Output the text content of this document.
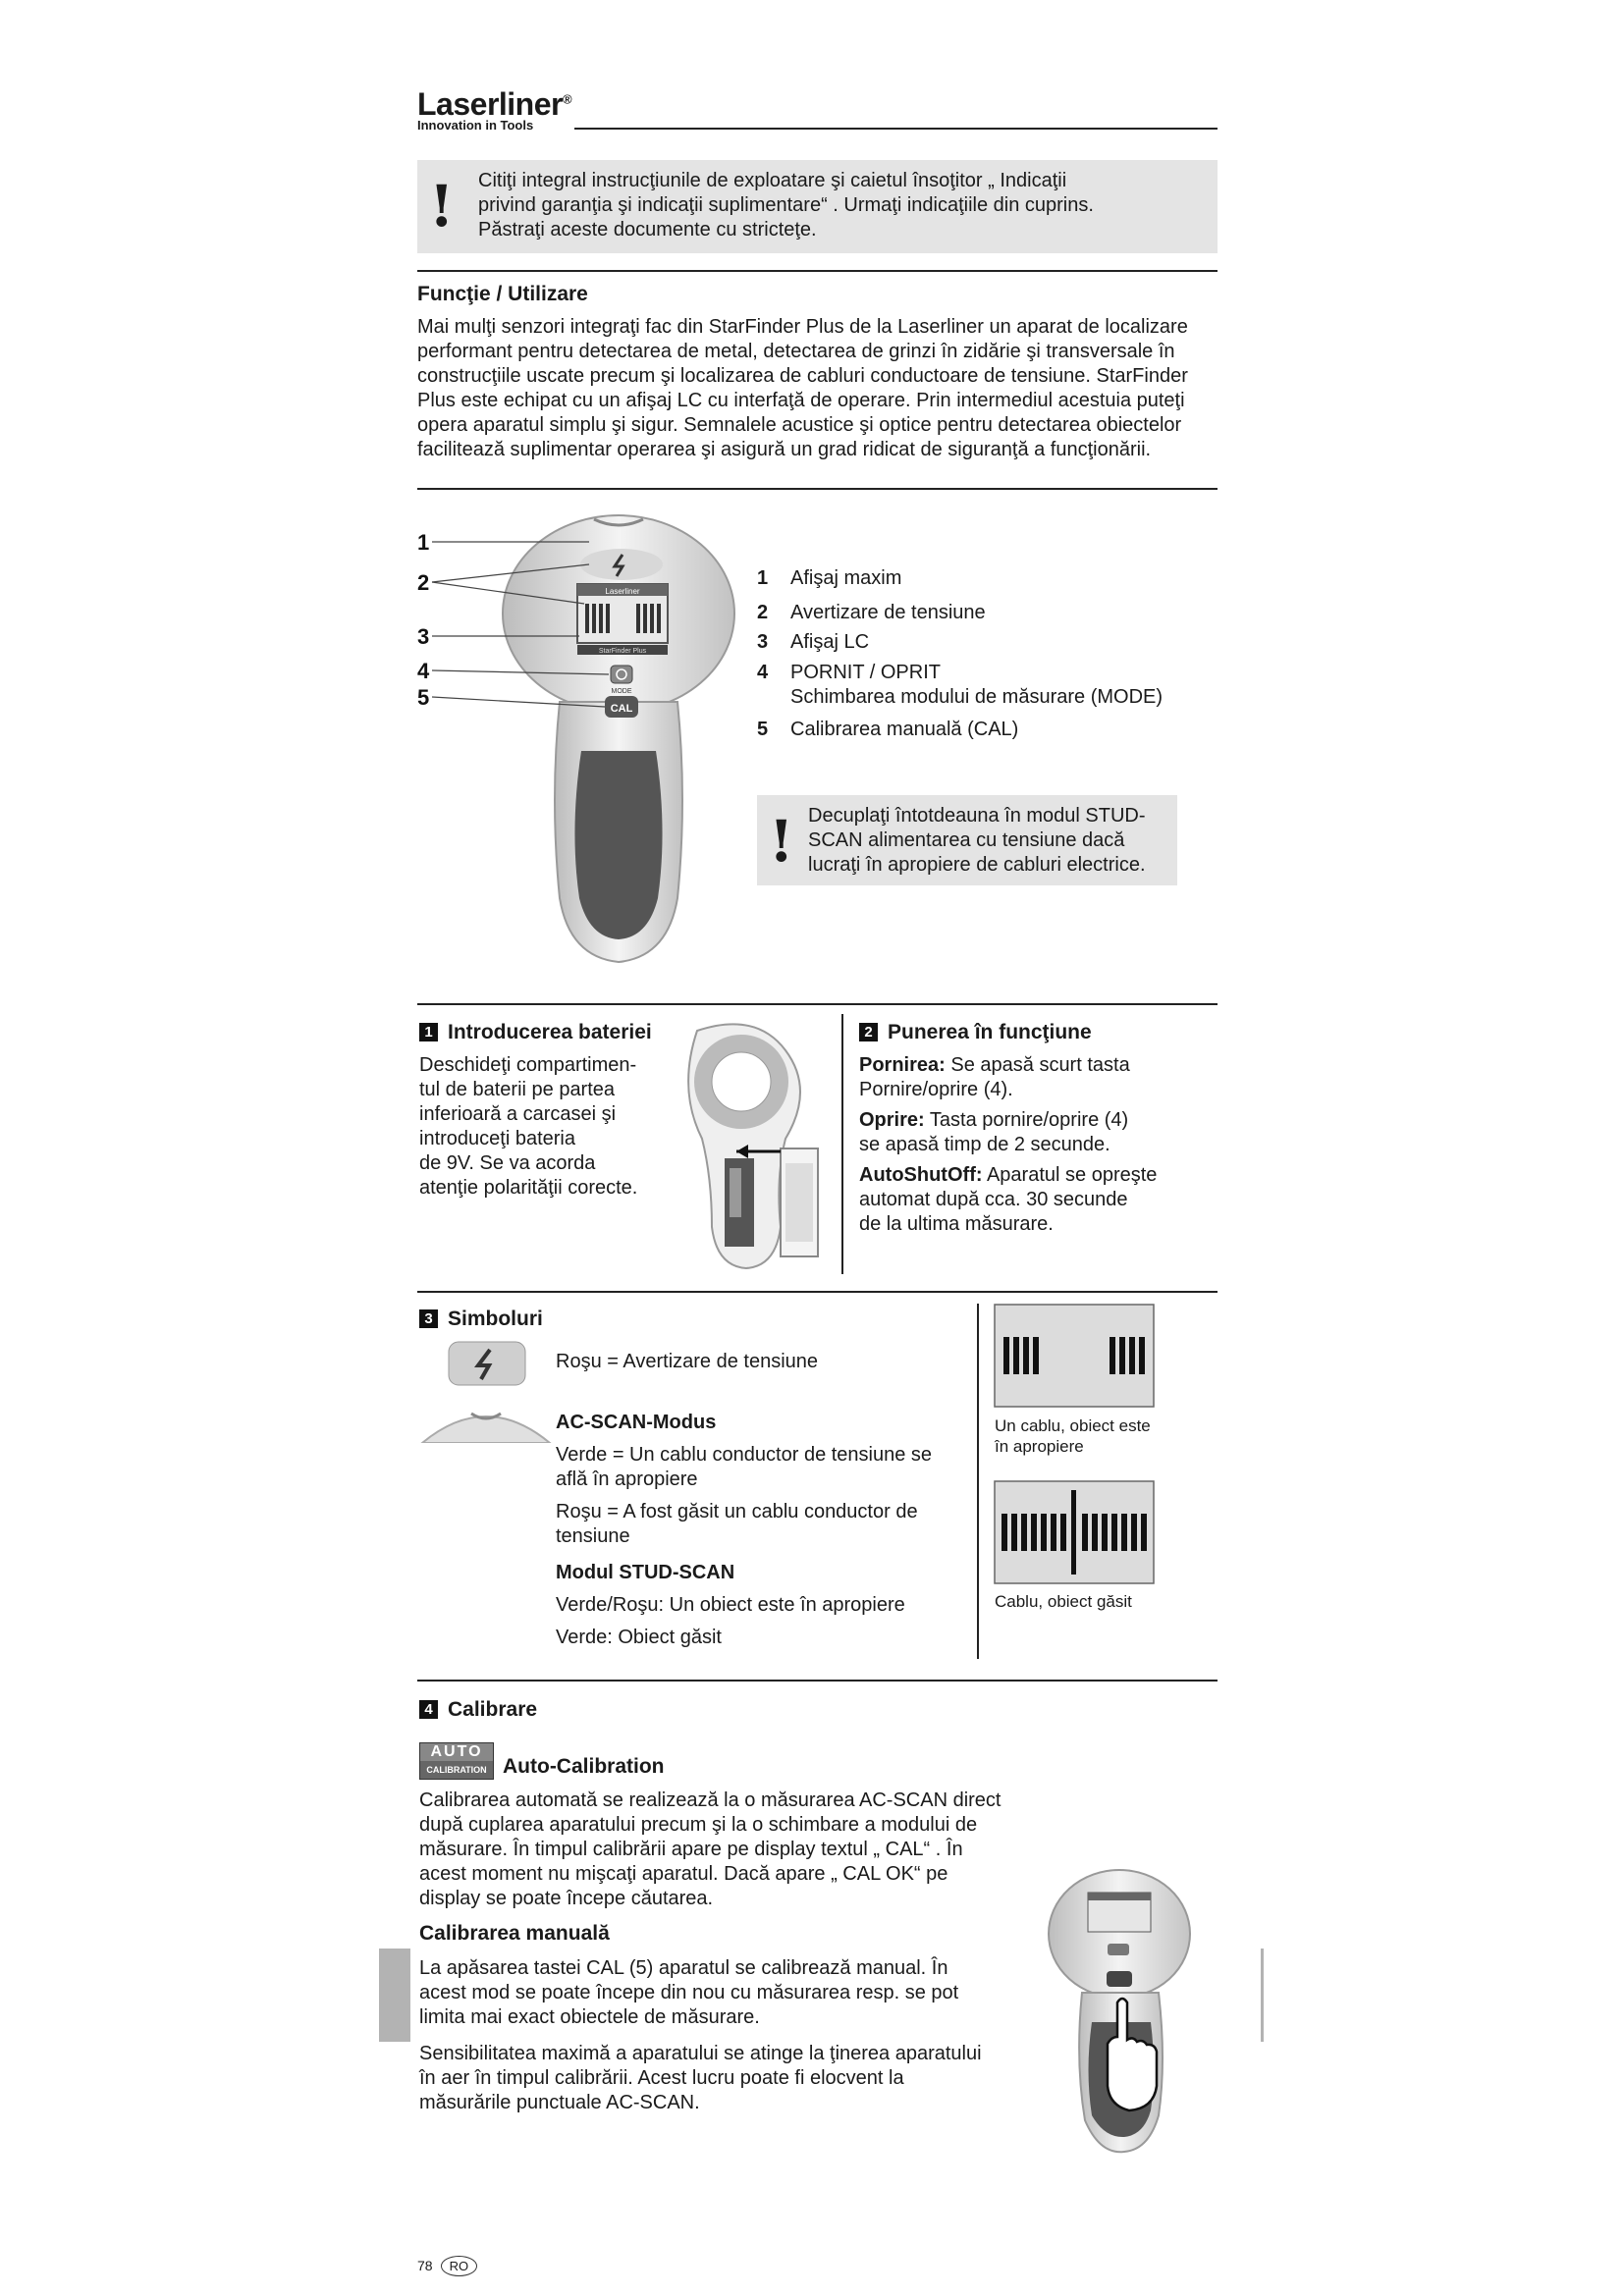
Laserliner®
Innovation in Tools
! Citiţi integral instrucţiunile de exploatare şi caietul însoţitor „ Indicaţii
privind garanţia şi indicaţii suplimentare“ . Urmaţi indicaţiile din cuprins.
Păstraţi aceste documente cu stricteţe.
Funcţie / Utilizare
Mai mulţi senzori integraţi fac din StarFinder Plus de la Laserliner un aparat de localizare
performant pentru detectarea de metal, detectarea de grinzi în zidărie şi transversale în
construcţiile uscate precum şi localizarea de cabluri conductoare de tensiune. StarFinder
Plus este echipat cu un afişaj LC cu interfaţă de operare. Prin intermediul acestuia puteţi
opera aparatul simplu şi sigur. Semnalele acustice şi optice pentru detectarea obiectelor
facilitează suplimentar operarea şi asigură un grad ridicat de siguranţă a funcţionării.
Laserliner
StarFinder Plus
MODE
CAL
1
2
3
4
5
1 Afişaj maxim
2 Avertizare de tensiune
3 Afişaj LC
4 PORNIT / OPRIT
Schimbarea modului de măsurare (MODE)
5 Calibrarea manuală (CAL)
! Decuplaţi întotdeauna în modul STUD-
SCAN alimentarea cu tensiune dacă
lucraţi în apropiere de cabluri electrice.
1 Introducerea bateriei
Deschideţi compartimen-
tul de baterii pe partea
inferioară a carcasei şi
introduceţi bateria
de 9V. Se va acorda
atenţie polarităţii corecte.
2 Punerea în funcţiune
Pornirea: Se apasă scurt tasta
Pornire/oprire (4).
Oprire: Tasta pornire/oprire (4)
se apasă timp de 2 secunde.
AutoShutOff: Aparatul se opreşte
automat după cca. 30 secunde
de la ultima măsurare.
3 Simboluri
Roşu = Avertizare de tensiune
AC-SCAN-Modus
Verde = Un cablu conductor de tensiune se
află în apropiere
Roşu = A fost găsit un cablu conductor de
tensiune
Modul STUD-SCAN
Verde/Roşu: Un obiect este în apropiere
Verde: Obiect găsit
Un cablu, obiect este
în apropiere
Cablu, obiect găsit
4 Calibrare
AUTO
CALIBRATION Auto-Calibration
Calibrarea automată se realizează la o măsurarea AC-SCAN direct
după cuplarea aparatului precum şi la o schimbare a modului de
măsurare. În timpul calibrării apare pe display textul „ CAL“ . În
acest moment nu mişcaţi aparatul. Dacă apare „ CAL OK“ pe
display se poate începe căutarea.
Calibrarea manuală
La apăsarea tastei CAL (5) aparatul se calibrează manual. În
acest mod se poate începe din nou cu măsurarea resp. se pot
limita mai exact obiectele de măsurare.
Sensibilitatea maximă a aparatului se atinge la ţinerea aparatului
în aer în timpul calibrării. Acest lucru poate fi elocvent la
măsurările punctuale AC-SCAN.
78 RO
